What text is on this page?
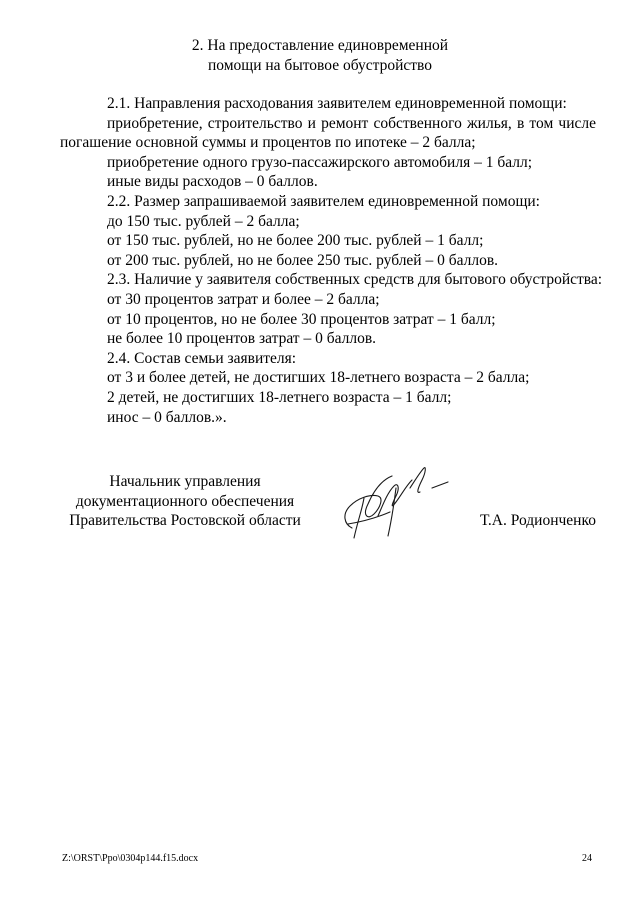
2. На предоставление единовременной
помощи на бытовое обустройство

2.1. Направления расходования заявителем единовременной помощи:

приобретение, строительство и ремонт собственного жилья, в том числе погашение основной суммы и процентов по ипотеке – 2 балла;

приобретение одного грузо-пассажирского автомобиля – 1 балл;

иные виды расходов – 0 баллов.

2.2. Размер запрашиваемой заявителем единовременной помощи:

до 150 тыс. рублей – 2 балла;

от 150 тыс. рублей, но не более 200 тыс. рублей – 1 балл;

от 200 тыс. рублей, но не более 250 тыс. рублей – 0 баллов.

2.3. Наличие у заявителя собственных средств для бытового обустройства:

от 30 процентов затрат и более – 2 балла;

от 10 процентов, но не более 30 процентов затрат – 1 балл;

не более 10 процентов затрат – 0 баллов.

2.4. Состав семьи заявителя:

от 3 и более детей, не достигших 18-летнего возраста – 2 балла;

2 детей, не достигших 18-летнего возраста – 1 балл;

инос – 0 баллов.».

Начальник управления
документационного обеспечения
Правительства Ростовской области	Т.А. Родионченко
Z:\ORST\Ppo\0304p144.f15.docx	24
